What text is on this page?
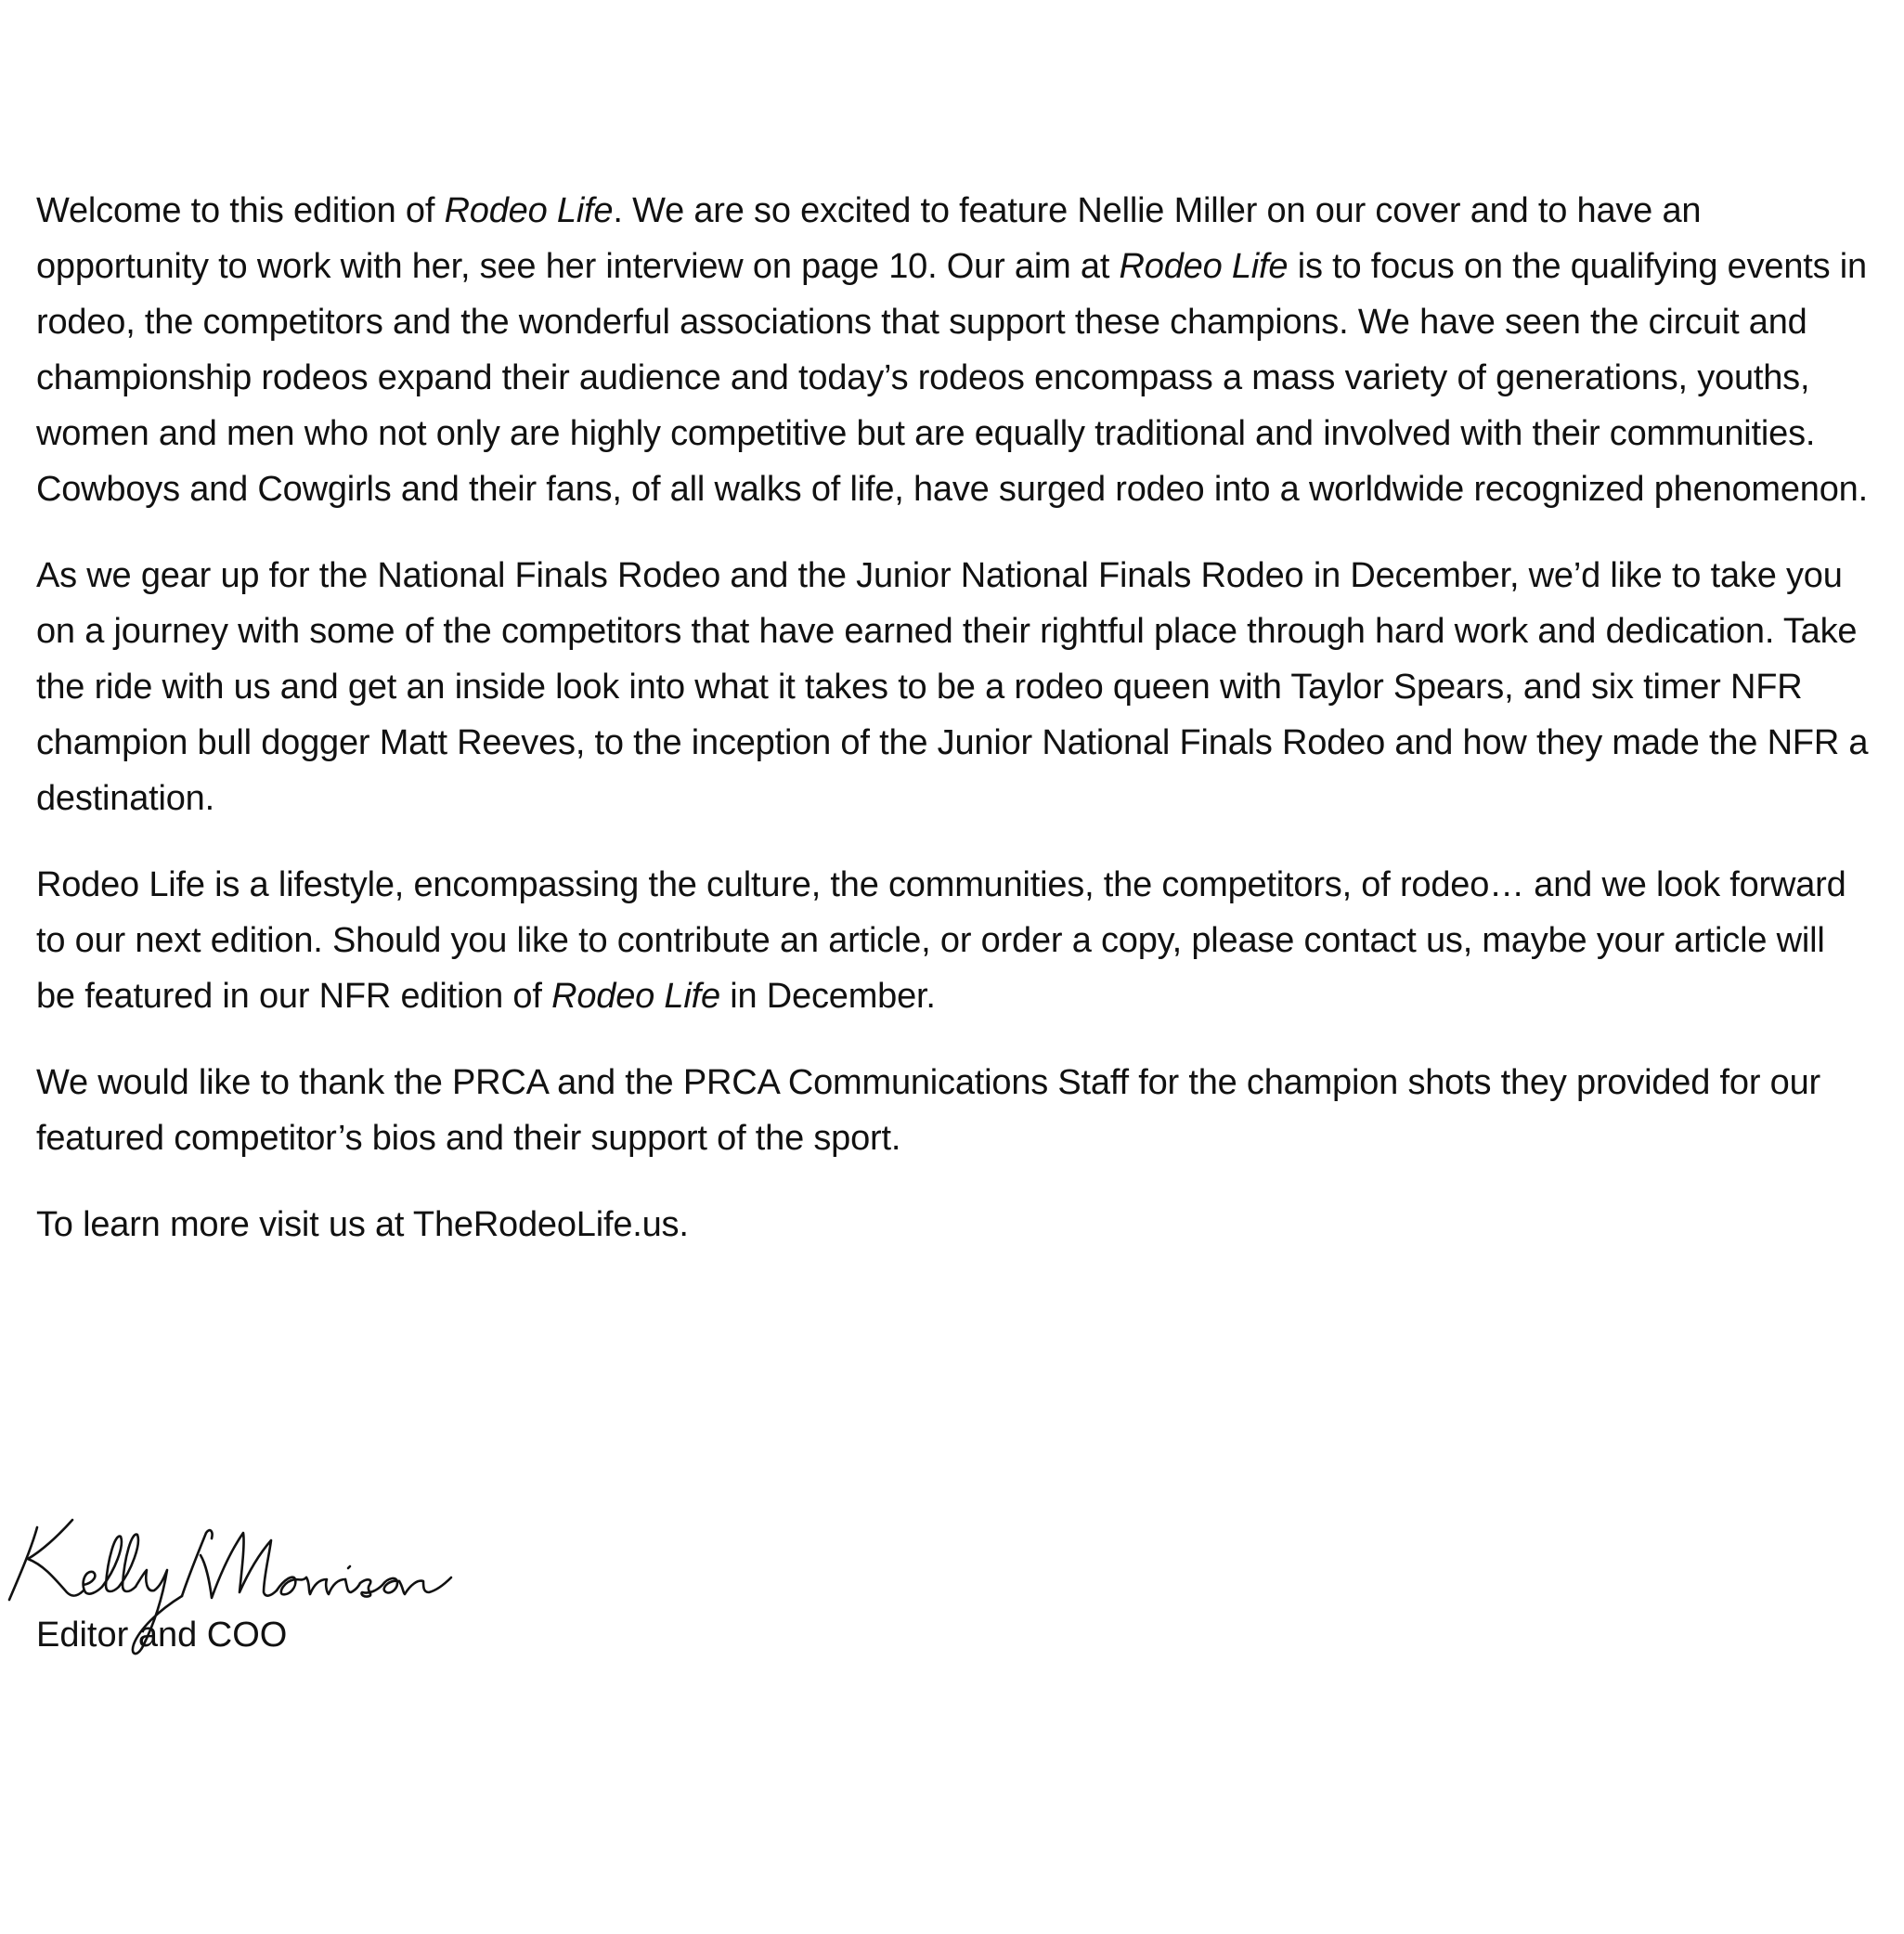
Welcome to this edition of Rodeo Life. We are so excited to feature Nellie Miller on our cover and to have an opportunity to work with her, see her interview on page 10. Our aim at Rodeo Life is to focus on the qualifying events in rodeo, the competitors and the wonderful associations that support these champions. We have seen the circuit and championship rodeos expand their audience and today’s rodeos encompass a mass variety of generations, youths, women and men who not only are highly competitive but are equally traditional and involved with their communities. Cowboys and Cowgirls and their fans, of all walks of life, have surged rodeo into a worldwide recognized phenomenon.

As we gear up for the National Finals Rodeo and the Junior National Finals Rodeo in December, we’d like to take you on a journey with some of the competitors that have earned their rightful place through hard work and dedication. Take the ride with us and get an inside look into what it takes to be a rodeo queen with Taylor Spears, and six timer NFR champion bull dogger Matt Reeves, to the inception of the Junior National Finals Rodeo and how they made the NFR a destination.

Rodeo Life is a lifestyle, encompassing the culture, the communities, the competitors, of rodeo… and we look forward to our next edition. Should you like to contribute an article, or order a copy, please contact us, maybe your article will be featured in our NFR edition of Rodeo Life in December.

We would like to thank the PRCA and the PRCA Communications Staff for the champion shots they provided for our featured competitor’s bios and their support of the sport.

To learn more visit us at TheRodeoLife.us.

Editor and COO
